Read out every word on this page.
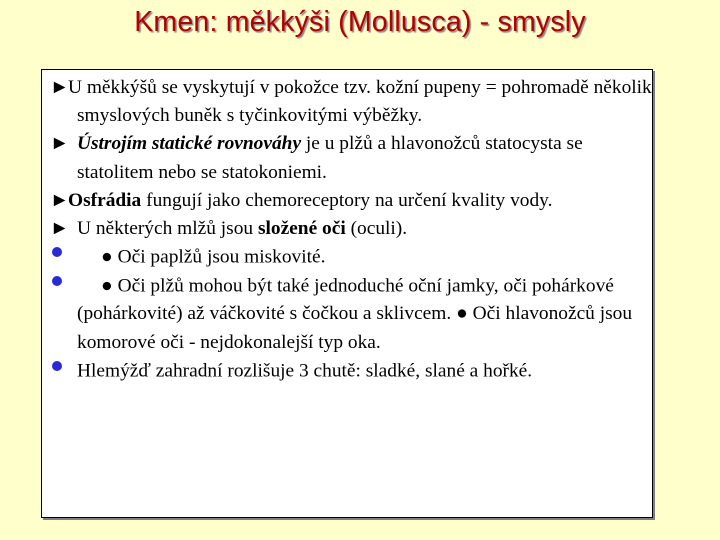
Kmen: měkkýši (Mollusca) - smysly

►U měkkýšů se vyskytují v pokožce tzv. kožní pupeny = pohromadě několik smyslových buněk s tyčinkovitými výběžky.

► Ústrojím statické rovnováhy je u plžů a hlavonožců statocysta se statolitem nebo se statokoniemi.

►Osfrádia fungují jako chemoreceptory na určení kvality vody.

► U některých mlžů jsou složené oči (oculi).

● Oči paplžů jsou miskovité.

● Oči plžů mohou být také jednoduché oční jamky, oči pohárkové (pohárkovité) až váčkovité s čočkou a sklivcem. ● Oči hlavonožců jsou komorové oči - nejdokonalejší typ oka.

Hlemýžď zahradní rozlišuje 3 chutě: sladké, slané a hořké.
